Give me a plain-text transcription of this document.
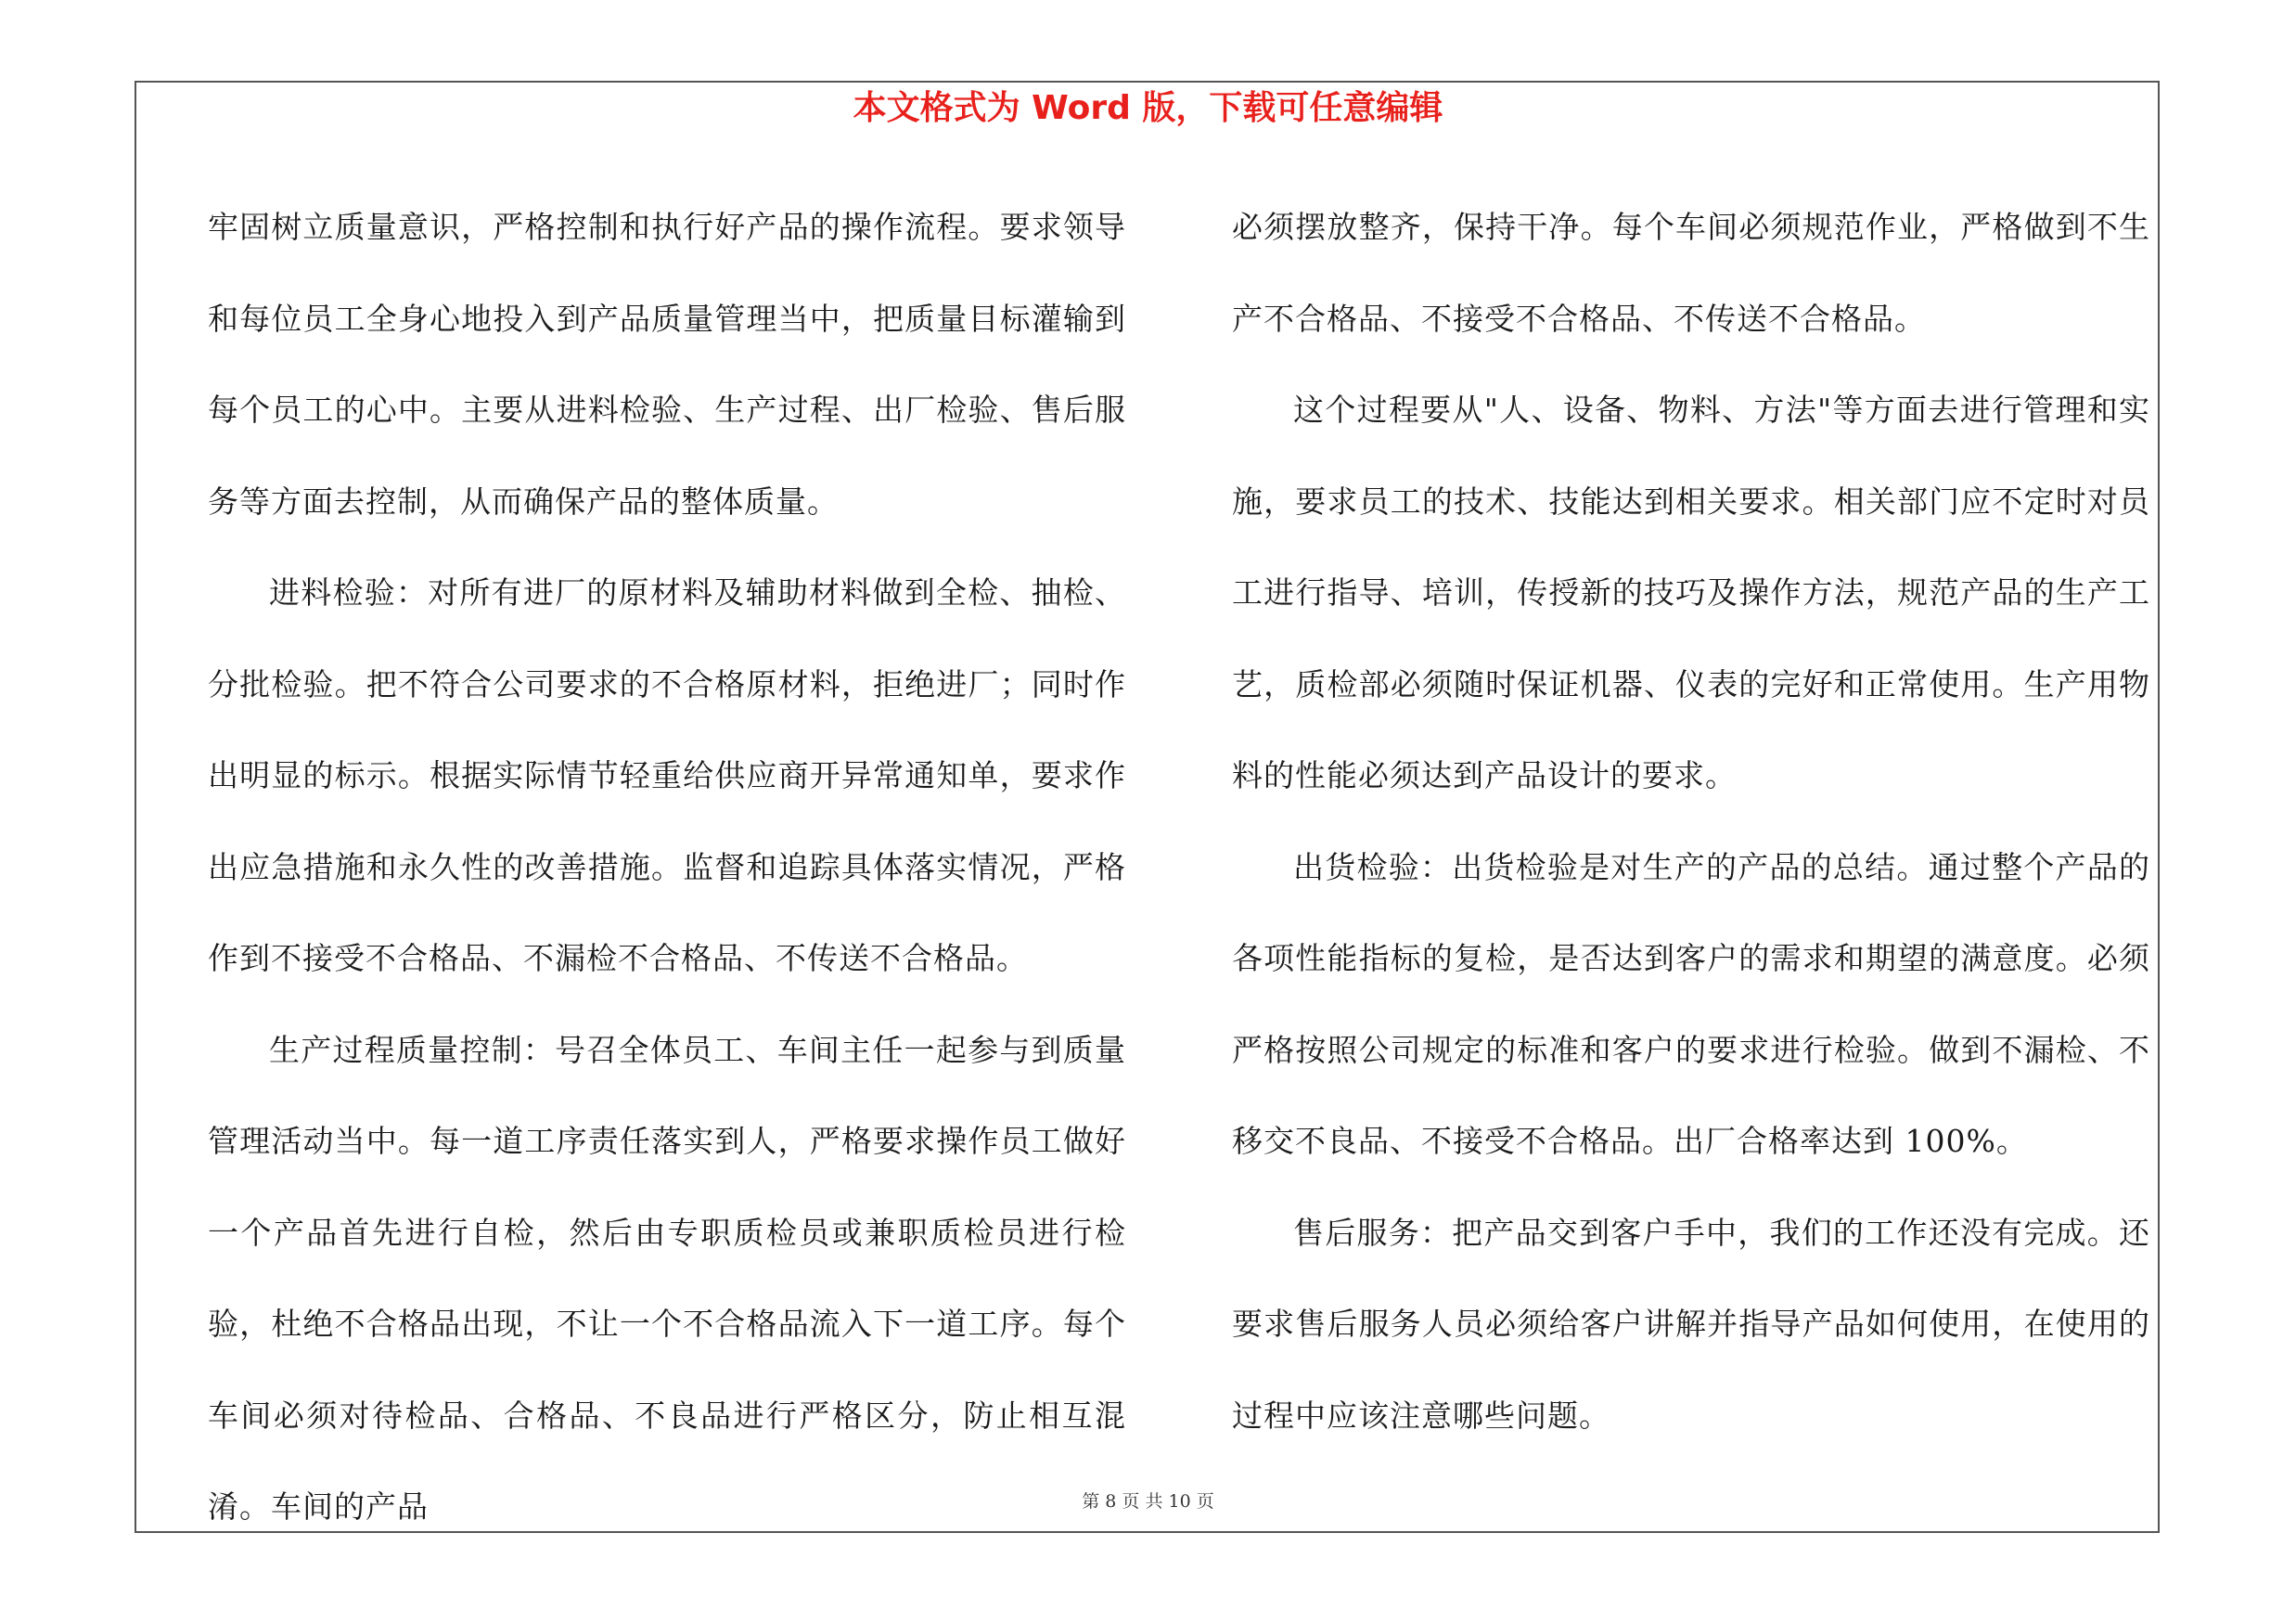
本文格式为 Word 版，下载可任意编辑

牢固树立质量意识，严格控制和执行好产品的操作流程。要求领导和每位员工全身心地投入到产品质量管理当中，把质量目标灌输到每个员工的心中。主要从进料检验、生产过程、出厂检验、售后服务等方面去控制，从而确保产品的整体质量。

进料检验：对所有进厂的原材料及辅助材料做到全检、抽检、分批检验。把不符合公司要求的不合格原材料，拒绝进厂；同时作出明显的标示。根据实际情节轻重给供应商开异常通知单，要求作出应急措施和永久性的改善措施。监督和追踪具体落实情况，严格作到不接受不合格品、不漏检不合格品、不传送不合格品。

生产过程质量控制：号召全体员工、车间主任一起参与到质量管理活动当中。每一道工序责任落实到人，严格要求操作员工做好一个产品首先进行自检，然后由专职质检员或兼职质检员进行检验，杜绝不合格品出现，不让一个不合格品流入下一道工序。每个车间必须对待检品、合格品、不良品进行严格区分，防止相互混淆。车间的产品

必须摆放整齐，保持干净。每个车间必须规范作业，严格做到不生产不合格品、不接受不合格品、不传送不合格品。

这个过程要从"人、设备、物料、方法"等方面去进行管理和实施，要求员工的技术、技能达到相关要求。相关部门应不定时对员工进行指导、培训，传授新的技巧及操作方法，规范产品的生产工艺，质检部必须随时保证机器、仪表的完好和正常使用。生产用物料的性能必须达到产品设计的要求。

出货检验：出货检验是对生产的产品的总结。通过整个产品的各项性能指标的复检，是否达到客户的需求和期望的满意度。必须严格按照公司规定的标准和客户的要求进行检验。做到不漏检、不移交不良品、不接受不合格品。出厂合格率达到 100%。

售后服务：把产品交到客户手中，我们的工作还没有完成。还要求售后服务人员必须给客户讲解并指导产品如何使用，在使用的过程中应该注意哪些问题。

第 8 页 共 10 页
